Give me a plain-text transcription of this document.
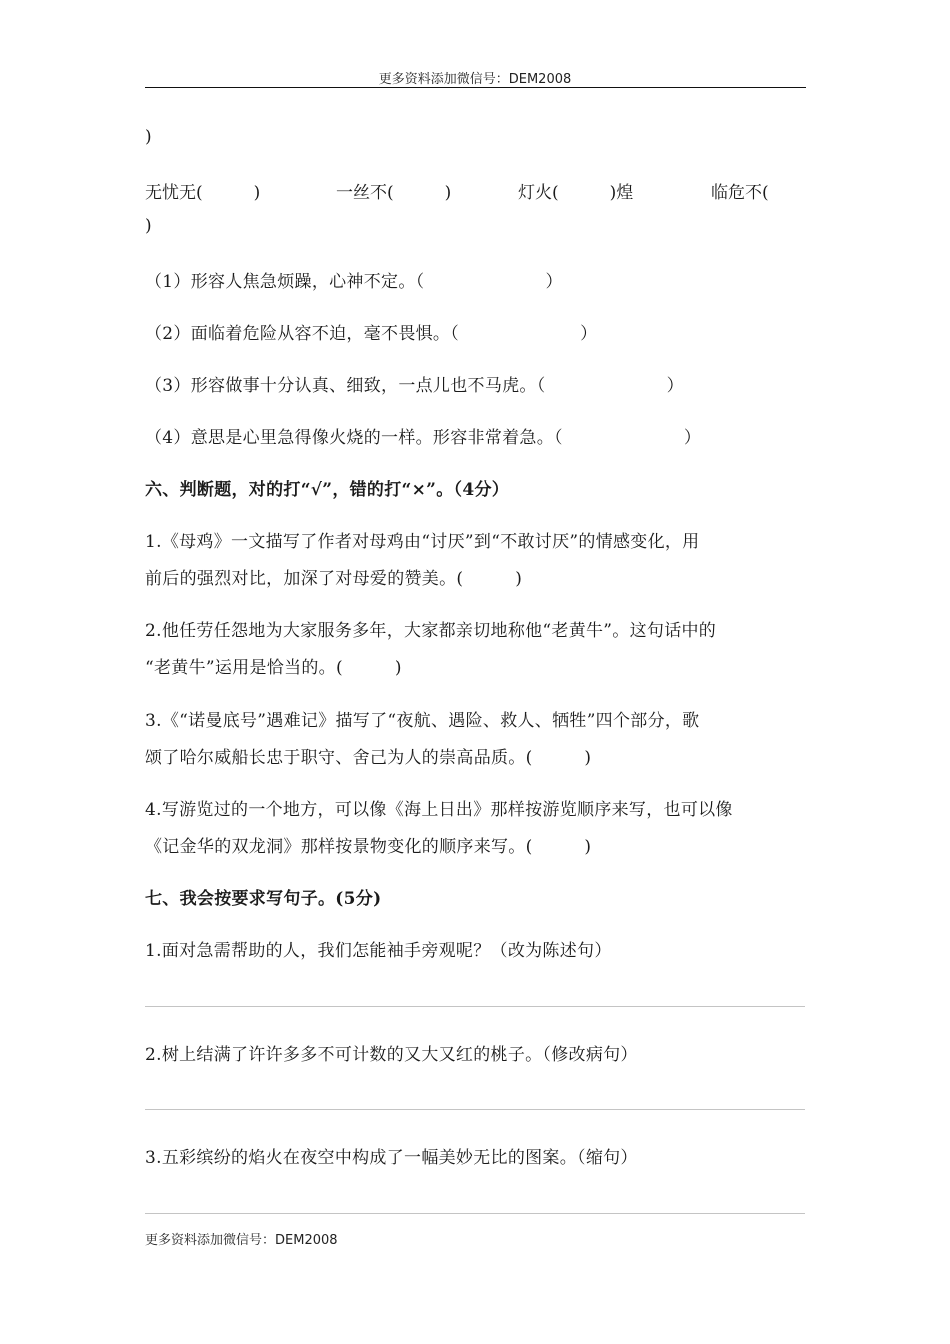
更多资料添加微信号：DEM2008
)
无忧无(　　　)	一丝不(　　　)	灯火(　　　)煌	临危不(
)
（1）形容人焦急烦躁，心神不定。（　　　　　　　）
（2）面临着危险从容不迫，毫不畏惧。（　　　　　　　）
（3）形容做事十分认真、细致，一点儿也不马虎。（　　　　　　　）
（4）意思是心里急得像火烧的一样。形容非常着急。（　　　　　　　）
六、判断题，对的打“√”，错的打“×”。（4分）
1.《母鸡》一文描写了作者对母鸡由“讨厌”到“不敢讨厌”的情感变化，用
前后的强烈对比，加深了对母爱的赞美。(　　　)
2.他任劳任怨地为大家服务多年，大家都亲切地称他“老黄牛”。这句话中的
“老黄牛”运用是恰当的。(　　　)
3.《“诺曼底号”遇难记》描写了“夜航、遇险、救人、牺牲”四个部分，歌
颂了哈尔威船长忠于职守、舍己为人的崇高品质。(　　　)
4.写游览过的一个地方，可以像《海上日出》那样按游览顺序来写，也可以像
《记金华的双龙洞》那样按景物变化的顺序来写。(　　　)
七、我会按要求写句子。(5分)
1.面对急需帮助的人，我们怎能袖手旁观呢？（改为陈述句）
2.树上结满了许许多多不可计数的又大又红的桃子。（修改病句）
3.五彩缤纷的焰火在夜空中构成了一幅美妙无比的图案。（缩句）
更多资料添加微信号：DEM2008
